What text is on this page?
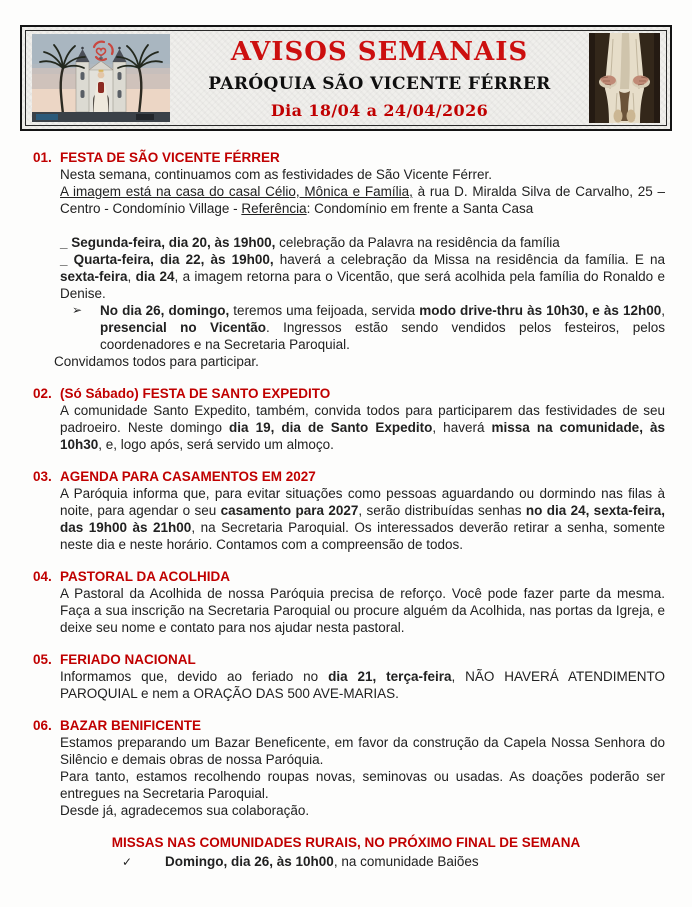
AVISOS SEMANAIS
PARÓQUIA SÃO VICENTE FÉRRER
Dia 18/04 a 24/04/2026
01. FESTA DE SÃO VICENTE FÉRRER
Nesta semana, continuamos com as festividades de São Vicente Férrer.
A imagem está na casa do casal Célio, Mônica e Família, à rua D. Miralda Silva de Carvalho, 25 – Centro - Condomínio Village - Referência: Condomínio em frente a Santa Casa
_ Segunda-feira, dia 20, às 19h00, celebração da Palavra na residência da família
_ Quarta-feira, dia 22, às 19h00, haverá a celebração da Missa na residência da família. E na sexta-feira, dia 24, a imagem retorna para o Vicentão, que será acolhida pela família do Ronaldo e Denise.
➢ No dia 26, domingo, teremos uma feijoada, servida modo drive-thru às 10h30, e às 12h00, presencial no Vicentão. Ingressos estão sendo vendidos pelos festeiros, pelos coordenadores e na Secretaria Paroquial.
Convidamos todos para participar.
02. (Só Sábado) FESTA DE SANTO EXPEDITO
A comunidade Santo Expedito, também, convida todos para participarem das festividades de seu padroeiro. Neste domingo dia 19, dia de Santo Expedito, haverá missa na comunidade, às 10h30, e, logo após, será servido um almoço.
03. AGENDA PARA CASAMENTOS EM 2027
A Paróquia informa que, para evitar situações como pessoas aguardando ou dormindo nas filas à noite, para agendar o seu casamento para 2027, serão distribuídas senhas no dia 24, sexta-feira, das 19h00 às 21h00, na Secretaria Paroquial. Os interessados deverão retirar a senha, somente neste dia e neste horário. Contamos com a compreensão de todos.
04. PASTORAL DA ACOLHIDA
A Pastoral da Acolhida de nossa Paróquia precisa de reforço. Você pode fazer parte da mesma. Faça a sua inscrição na Secretaria Paroquial ou procure alguém da Acolhida, nas portas da Igreja, e deixe seu nome e contato para nos ajudar nesta pastoral.
05. FERIADO NACIONAL
Informamos que, devido ao feriado no dia 21, terça-feira, NÃO HAVERÁ ATENDIMENTO PAROQUIAL e nem a ORAÇÃO DAS 500 AVE-MARIAS.
06. BAZAR BENIFICENTE
Estamos preparando um Bazar Beneficente, em favor da construção da Capela Nossa Senhora do Silêncio e demais obras de nossa Paróquia.
Para tanto, estamos recolhendo roupas novas, seminovas ou usadas. As doações poderão ser entregues na Secretaria Paroquial.
Desde já, agradecemos sua colaboração.
MISSAS NAS COMUNIDADES RURAIS, NO PRÓXIMO FINAL DE SEMANA
✓ Domingo, dia 26, às 10h00, na comunidade Baiões
